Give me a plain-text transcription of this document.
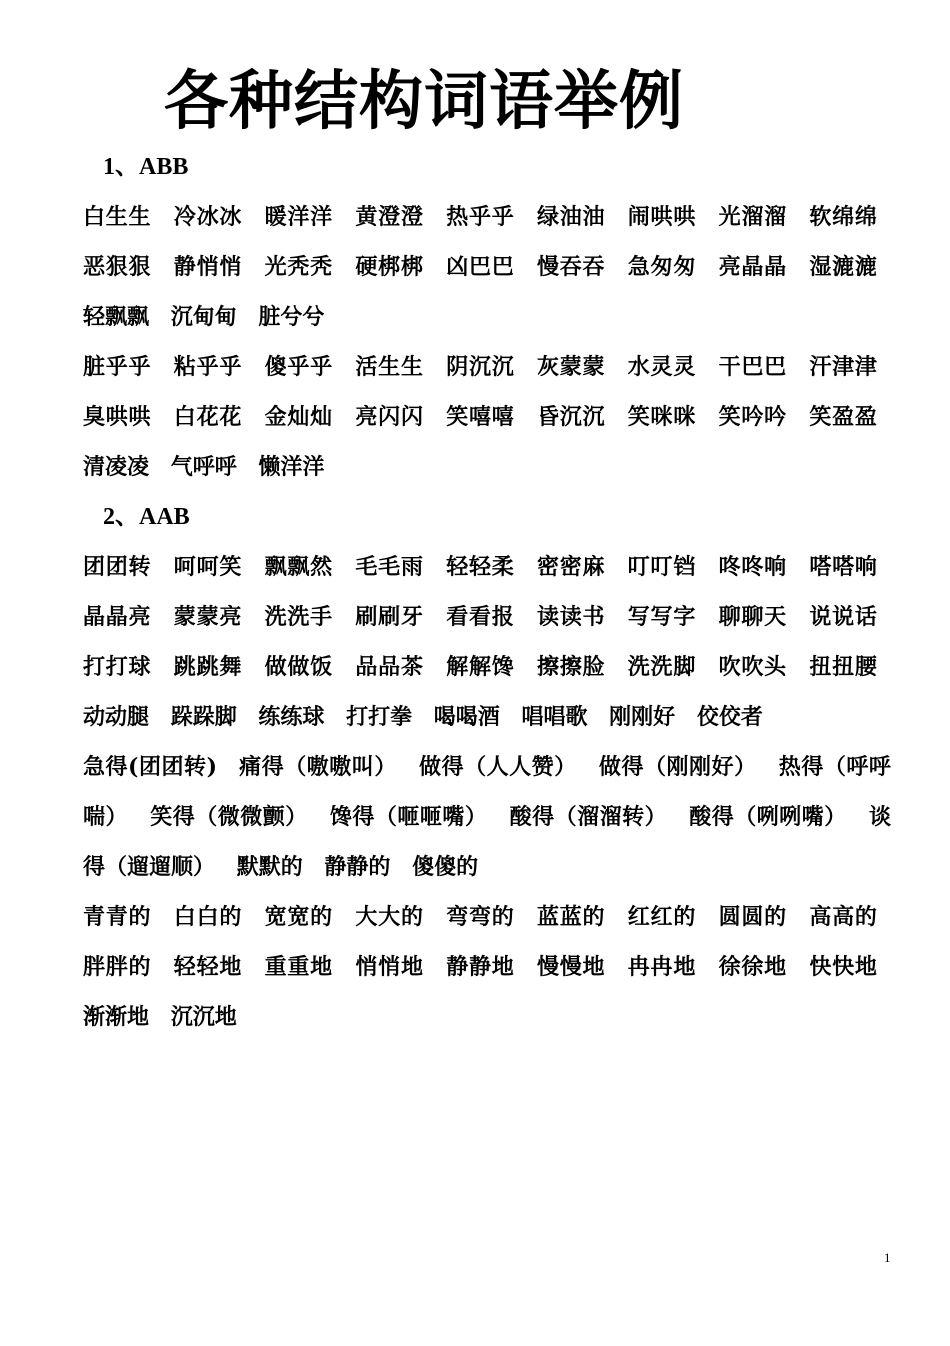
各种结构词语举例
1、ABB

白生生 冷冰冰 暖洋洋 黄澄澄 热乎乎 绿油油 闹哄哄 光溜溜 软绵绵 恶狠狠 静悄悄 光秃秃 硬梆梆 凶巴巴 慢吞吞 急匆匆 亮晶晶 湿漉漉 轻飘飘 沉甸甸 脏兮兮

脏乎乎 粘乎乎 傻乎乎 活生生 阴沉沉 灰蒙蒙 水灵灵 干巴巴 汗津津 臭哄哄 白花花 金灿灿 亮闪闪 笑嘻嘻 昏沉沉 笑咪咪 笑吟吟 笑盈盈 清凌凌 气呼呼 懒洋洋

2、AAB

团团转 呵呵笑 飘飘然 毛毛雨 轻轻柔 密密麻 叮叮铛 咚咚响 嗒嗒响 晶晶亮 蒙蒙亮 洗洗手 刷刷牙 看看报 读读书 写写字 聊聊天 说说话 打打球 跳跳舞 做做饭 品品茶 解解馋 擦擦脸 洗洗脚 吹吹头 扭扭腰 动动腿 跺跺脚 练练球 打打拳 喝喝酒 唱唱歌 刚刚好 佼佼者

急得(团团转) 痛得（嗷嗷叫） 做得（人人赞） 做得（刚刚好） 热得（呼呼喘） 笑得（微微颤） 馋得（咂咂嘴） 酸得（溜溜转） 酸得（咧咧嘴） 谈得（遛遛顺） 默默的 静静的 傻傻的

青青的 白白的 宽宽的 大大的 弯弯的 蓝蓝的 红红的 圆圆的 高高的 胖胖的 轻轻地 重重地 悄悄地 静静地 慢慢地 冉冉地 徐徐地 快快地 渐渐地 沉沉地

1
